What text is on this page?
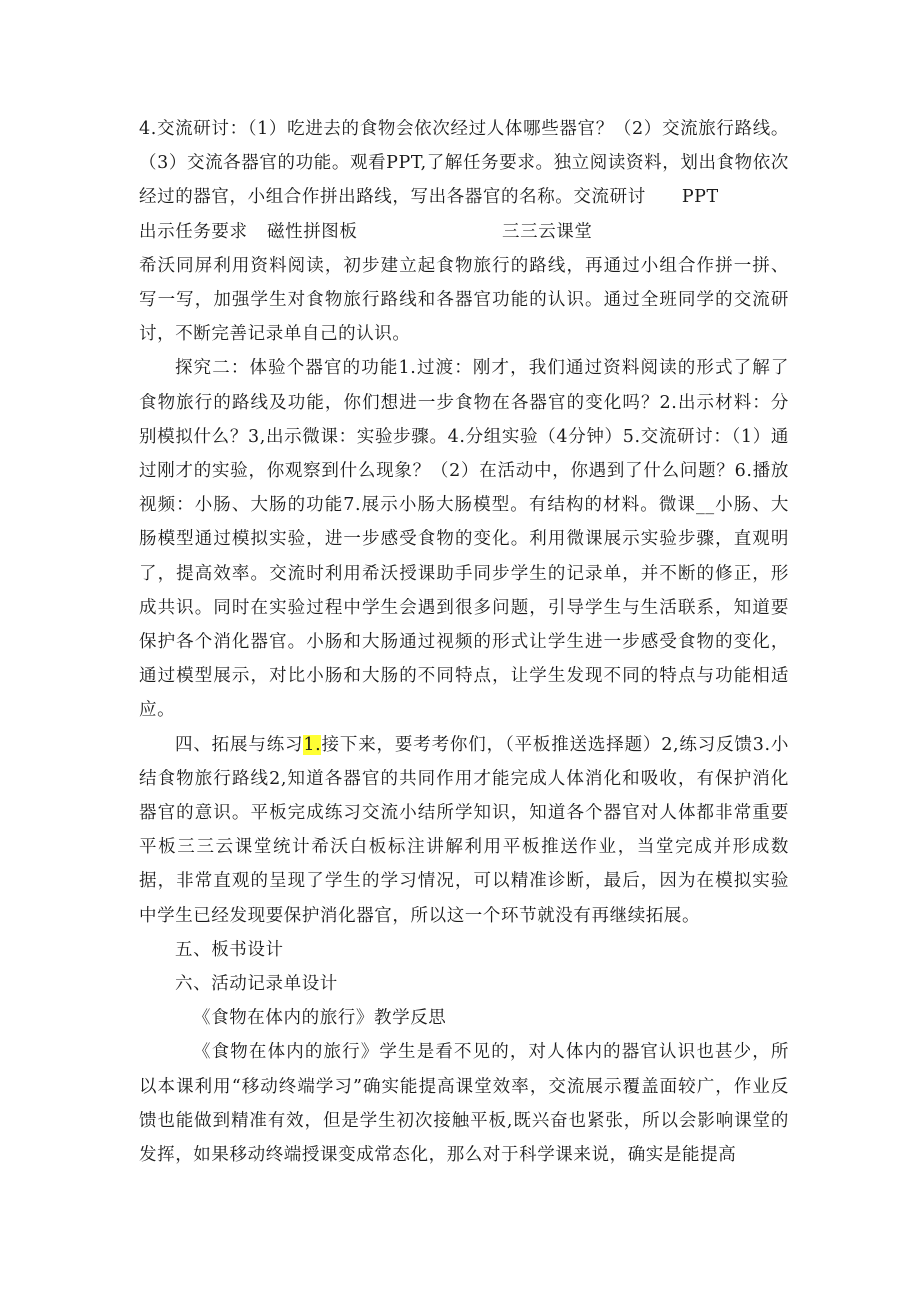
4.交流研讨：（1）吃进去的食物会依次经过人体哪些器官？（2）交流旅行路线。（3）交流各器官的功能。观看PPT,了解任务要求。独立阅读资料，划出食物依次经过的器官，小组合作拼出路线，写出各器官的名称。交流研讨 PPT

出示任务要求	磁性拼图板	三三云课堂

希沃同屏利用资料阅读，初步建立起食物旅行的路线，再通过小组合作拼一拼、写一写，加强学生对食物旅行路线和各器官功能的认识。通过全班同学的交流研讨，不断完善记录单自己的认识。

探究二：体验个器官的功能1.过渡：刚才，我们通过资料阅读的形式了解了食物旅行的路线及功能，你们想进一步食物在各器官的变化吗？2.出示材料：分别模拟什么？3,出示微课：实验步骤。4.分组实验（4分钟）5.交流研讨：（1）通过刚才的实验，你观察到什么现象？（2）在活动中，你遇到了什么问题？6.播放视频：小肠、大肠的功能7.展示小肠大肠模型。有结构的材料。微课__小肠、大肠模型通过模拟实验，进一步感受食物的变化。利用微课展示实验步骤，直观明了，提高效率。交流时利用希沃授课助手同步学生的记录单，并不断的修正，形成共识。同时在实验过程中学生会遇到很多问题，引导学生与生活联系，知道要保护各个消化器官。小肠和大肠通过视频的形式让学生进一步感受食物的变化，通过模型展示，对比小肠和大肠的不同特点，让学生发现不同的特点与功能相适应。

四、拓展与练习1.接下来，要考考你们，（平板推送选择题）2,练习反馈3.小结食物旅行路线2,知道各器官的共同作用才能完成人体消化和吸收，有保护消化器官的意识。平板完成练习交流小结所学知识，知道各个器官对人体都非常重要平板三三云课堂统计希沃白板标注讲解利用平板推送作业，当堂完成并形成数据，非常直观的呈现了学生的学习情况，可以精准诊断，最后，因为在模拟实验中学生已经发现要保护消化器官，所以这一个环节就没有再继续拓展。

五、板书设计

六、活动记录单设计

《食物在体内的旅行》教学反思

《食物在体内的旅行》学生是看不见的，对人体内的器官认识也甚少，所以本课利用“移动终端学习”确实能提高课堂效率，交流展示覆盖面较广，作业反馈也能做到精准有效，但是学生初次接触平板,既兴奋也紧张，所以会影响课堂的发挥，如果移动终端授课变成常态化，那么对于科学课来说，确实是能提高
